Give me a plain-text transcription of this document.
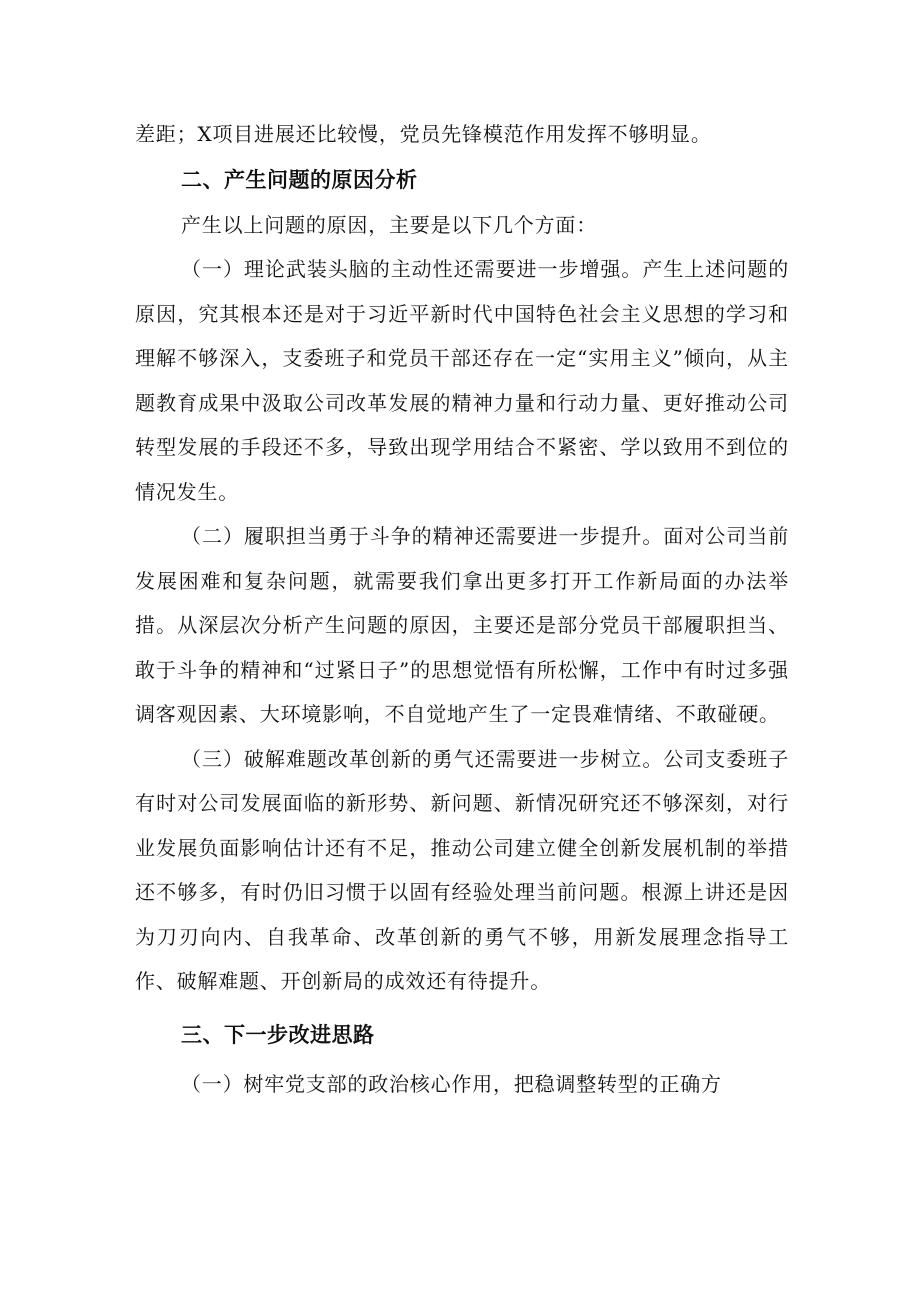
差距；X项目进展还比较慢，党员先锋模范作用发挥不够明显。

二、产生问题的原因分析

产生以上问题的原因，主要是以下几个方面：

（一）理论武装头脑的主动性还需要进一步增强。产生上述问题的原因，究其根本还是对于习近平新时代中国特色社会主义思想的学习和理解不够深入，支委班子和党员干部还存在一定“实用主义”倾向，从主题教育成果中汲取公司改革发展的精神力量和行动力量、更好推动公司转型发展的手段还不多，导致出现学用结合不紧密、学以致用不到位的情况发生。

（二）履职担当勇于斗争的精神还需要进一步提升。面对公司当前发展困难和复杂问题，就需要我们拿出更多打开工作新局面的办法举措。从深层次分析产生问题的原因，主要还是部分党员干部履职担当、敢于斗争的精神和“过紧日子”的思想觉悟有所松懈，工作中有时过多强调客观因素、大环境影响，不自觉地产生了一定畏难情绪、不敢碰硬。

（三）破解难题改革创新的勇气还需要进一步树立。公司支委班子有时对公司发展面临的新形势、新问题、新情况研究还不够深刻，对行业发展负面影响估计还有不足，推动公司建立健全创新发展机制的举措还不够多，有时仍旧习惯于以固有经验处理当前问题。根源上讲还是因为刀刃向内、自我革命、改革创新的勇气不够，用新发展理念指导工作、破解难题、开创新局的成效还有待提升。

三、下一步改进思路

（一）树牢党支部的政治核心作用，把稳调整转型的正确方
